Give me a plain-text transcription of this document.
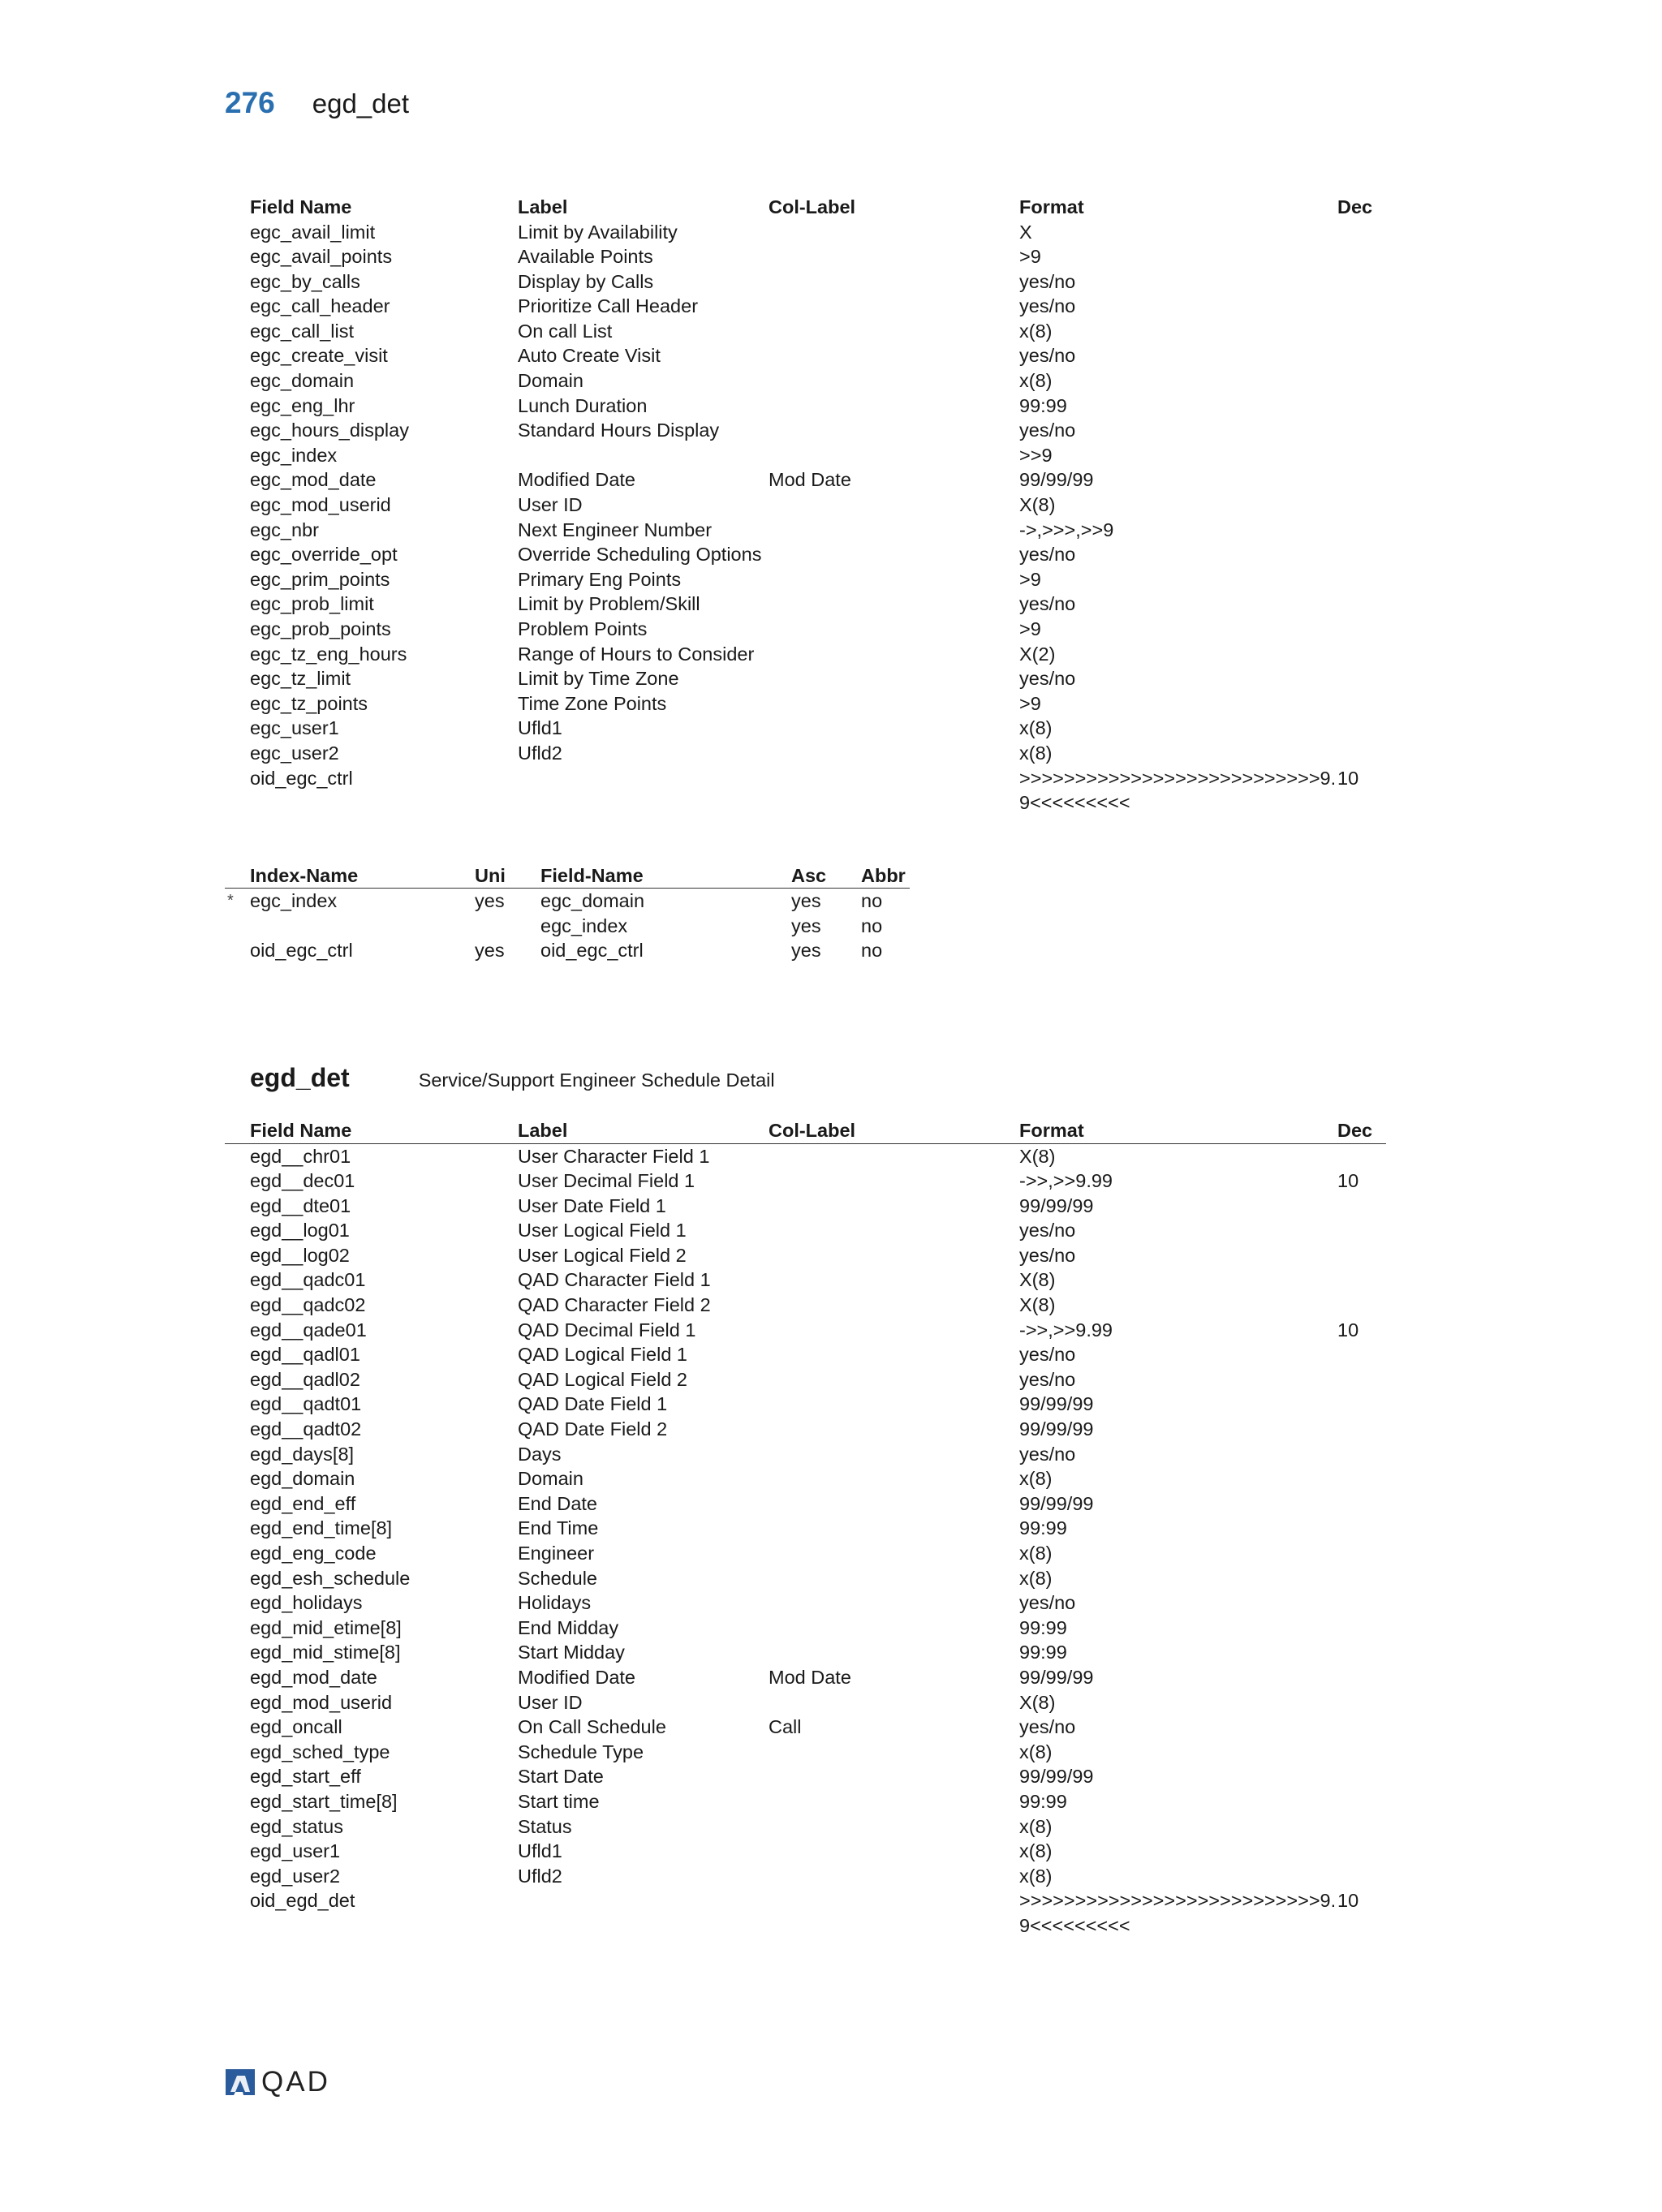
276 egd_det
Field Name	Label	Col-Label	Format	Dec
egc_avail_limit	Limit by Availability		X	
egc_avail_points	Available Points		>9	
egc_by_calls	Display by Calls		yes/no	
egc_call_header	Prioritize Call Header		yes/no	
egc_call_list	On call List		x(8)	
egc_create_visit	Auto Create Visit		yes/no	
egc_domain	Domain		x(8)	
egc_eng_lhr	Lunch Duration		99:99	
egc_hours_display	Standard Hours Display		yes/no	
egc_index			>>9	
egc_mod_date	Modified Date	Mod Date	99/99/99	
egc_mod_userid	User ID		X(8)	
egc_nbr	Next Engineer Number		->,>>>,>>9	
egc_override_opt	Override Scheduling Options		yes/no	
egc_prim_points	Primary Eng Points		>9	
egc_prob_limit	Limit by Problem/Skill		yes/no	
egc_prob_points	Problem Points		>9	
egc_tz_eng_hours	Range of Hours to Consider		X(2)	
egc_tz_limit	Limit by Time Zone		yes/no	
egc_tz_points	Time Zone Points		>9	
egc_user1	Ufld1		x(8)	
egc_user2	Ufld2		x(8)	
oid_egc_ctrl			>>>>>>>>>>>>>>>>>>>>>>>>>>>9.9<<<<<<<<<	10
Index-Name	Uni	Field-Name	Asc	Abbr

* egc_index	yes	egc_domain	yes	no
		egc_index	yes	no
oid_egc_ctrl	yes	oid_egc_ctrl	yes	no
egd_det	Service/Support Engineer Schedule Detail
Field Name	Label	Col-Label	Format	Dec
egd__chr01	User Character Field 1		X(8)	
egd__dec01	User Decimal Field 1		->>,>>9.99	10
egd__dte01	User Date Field 1		99/99/99	
egd__log01	User Logical Field 1		yes/no	
egd__log02	User Logical Field 2		yes/no	
egd__qadc01	QAD Character Field 1		X(8)	
egd__qadc02	QAD Character Field 2		X(8)	
egd__qade01	QAD Decimal Field 1		->>,>>9.99	10
egd__qadl01	QAD Logical Field 1		yes/no	
egd__qadl02	QAD Logical Field 2		yes/no	
egd__qadt01	QAD Date Field 1		99/99/99	
egd__qadt02	QAD Date Field 2		99/99/99	
egd_days[8]	Days		yes/no	
egd_domain	Domain		x(8)	
egd_end_eff	End Date		99/99/99	
egd_end_time[8]	End Time		99:99	
egd_eng_code	Engineer		x(8)	
egd_esh_schedule	Schedule		x(8)	
egd_holidays	Holidays		yes/no	
egd_mid_etime[8]	End Midday		99:99	
egd_mid_stime[8]	Start Midday		99:99	
egd_mod_date	Modified Date	Mod Date	99/99/99	
egd_mod_userid	User ID		X(8)	
egd_oncall	On Call Schedule	Call	yes/no	
egd_sched_type	Schedule Type		x(8)	
egd_start_eff	Start Date		99/99/99	
egd_start_time[8]	Start time		99:99	
egd_status	Status		x(8)	
egd_user1	Ufld1		x(8)	
egd_user2	Ufld2		x(8)	
oid_egd_det			>>>>>>>>>>>>>>>>>>>>>>>>>>>9.9<<<<<<<<<	10
QAD
